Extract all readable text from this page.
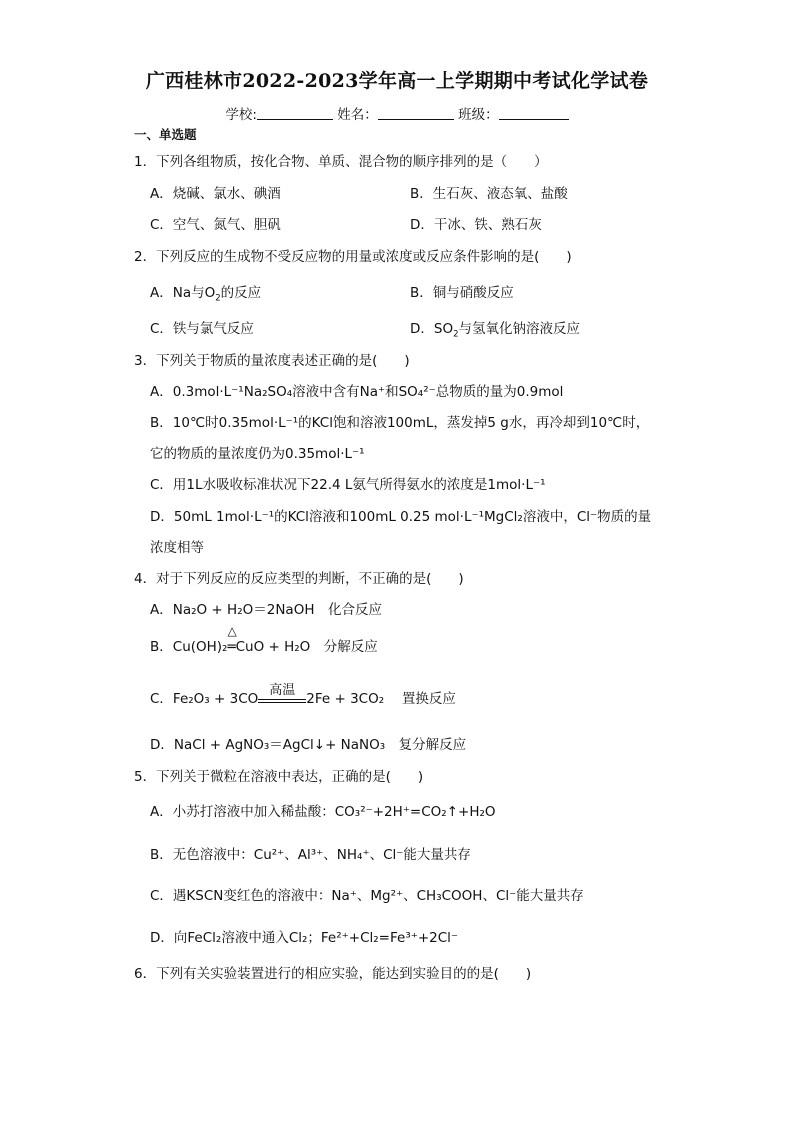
广西桂林市2022-2023学年高一上学期期中考试化学试卷
学校:	姓名：	班级：
一、单选题
1．下列各组物质，按化合物、单质、混合物的顺序排列的是（　　）
A．烧碱、氯水、碘酒	B．生石灰、液态氧、盐酸
C．空气、氮气、胆矾	D．干冰、铁、熟石灰
2．下列反应的生成物不受反应物的用量或浓度或反应条件影响的是(　　)
A．Na与$O_2$的反应	B．铜与硝酸反应
C．铁与氯气反应	D．$SO_2$与氢氧化钠溶液反应
3．下列关于物质的量浓度表述正确的是(　　)
A．0.3mol·L⁻¹Na₂SO₄溶液中含有Na⁺和SO₄²⁻总物质的量为0.9mol
B．10℃时0.35mol·L⁻¹的KCl饱和溶液100mL，蒸发掉5 g水，再冷却到10℃时，
它的物质的量浓度仍为0.35mol·L⁻¹
C．用1L水吸收标准状况下22.4 L氨气所得氨水的浓度是1mol·L⁻¹
D．50mL 1mol·L⁻¹的KCl溶液和100mL 0.25 mol·L⁻¹MgCl₂溶液中，Cl⁻物质的量
浓度相等
4．对于下列反应的反应类型的判断，不正确的是(　　)
A．Na₂O + H₂O＝2NaOH　化合反应
B．Cu(OH)₂
△
═CuO + H₂O　分解反应
C．Fe₂O₃ + 3CO
高温
2Fe + 3CO₂　 置换反应
D．NaCl + AgNO₃＝AgCl↓+ NaNO₃　复分解反应
5．下列关于微粒在溶液中表达，正确的是(　　)
A．小苏打溶液中加入稀盐酸：CO₃²⁻+2H⁺=CO₂↑+H₂O
B．无色溶液中：Cu²⁺、Al³⁺、NH₄⁺、Cl⁻能大量共存
C．遇KSCN变红色的溶液中：Na⁺、Mg²⁺、CH₃COOH、Cl⁻能大量共存
D．向FeCl₂溶液中通入Cl₂；Fe²⁺+Cl₂=Fe³⁺+2Cl⁻
6．下列有关实验装置进行的相应实验，能达到实验目的的是(　　)
